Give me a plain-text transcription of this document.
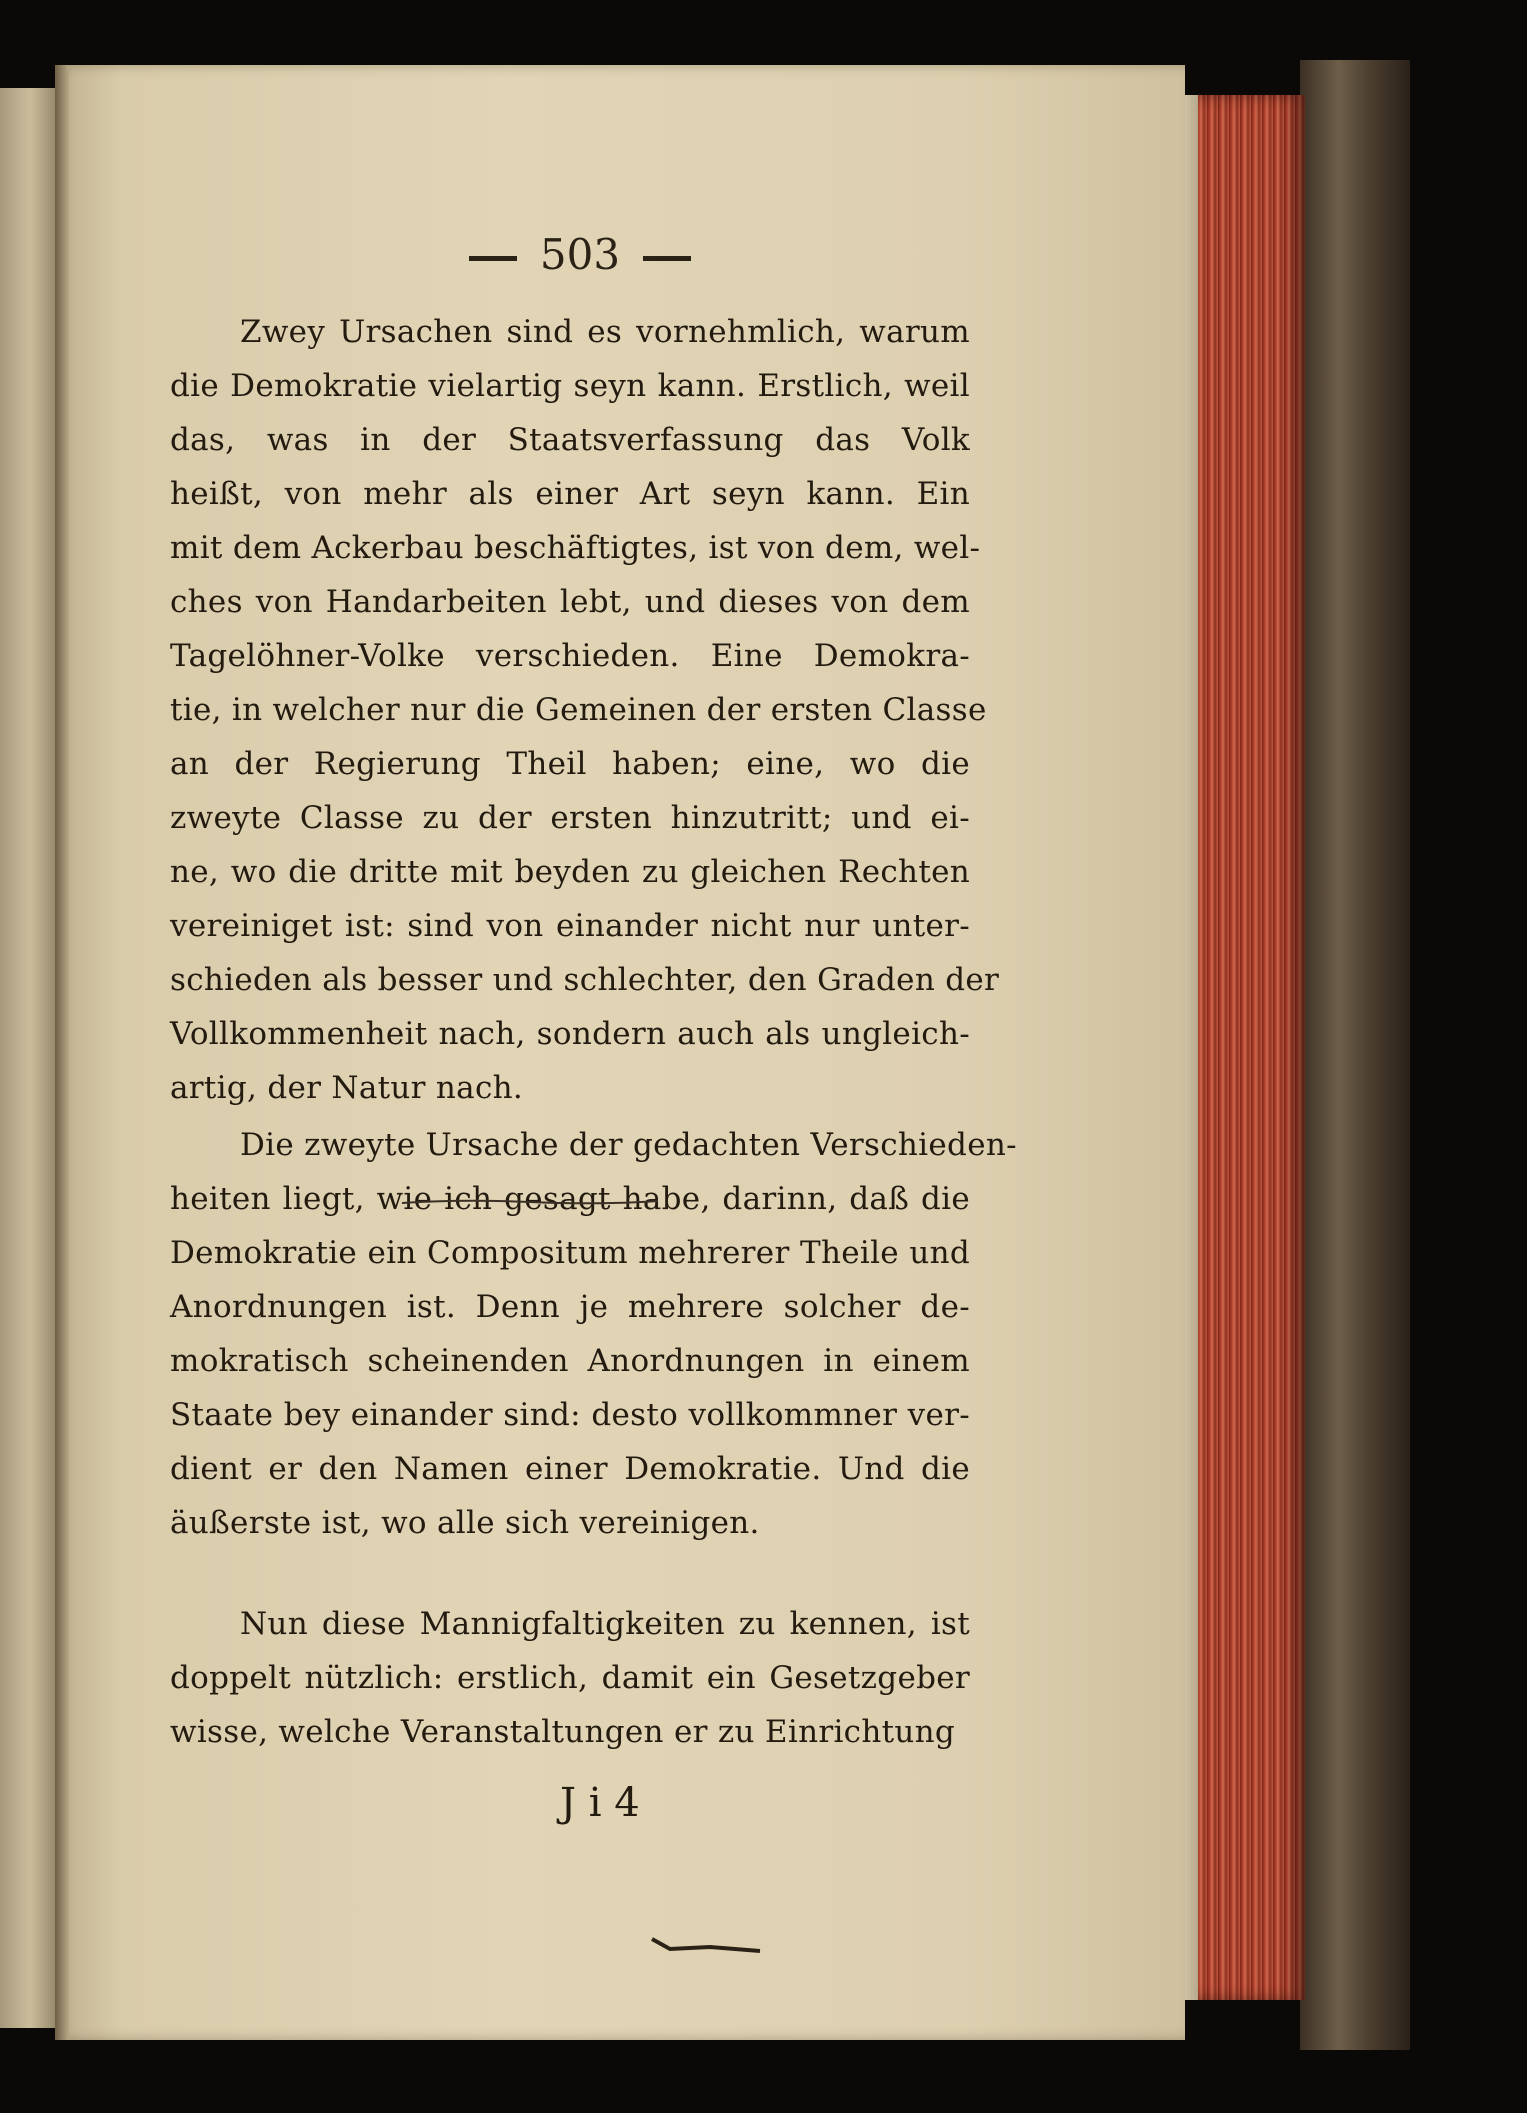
503
Zwey Ursachen sind es vornehmlich, warum
die Demokratie vielartig seyn kann. Erstlich, weil
das, was in der Staatsverfassung das Volk
heißt, von mehr als einer Art seyn kann. Ein
mit dem Ackerbau beschäftigtes, ist von dem, wel-
ches von Handarbeiten lebt, und dieses von dem
Tagelöhner-Volke verschieden. Eine Demokra-
tie, in welcher nur die Gemeinen der ersten Classe
an der Regierung Theil haben; eine, wo die
zweyte Classe zu der ersten hinzutritt; und ei-
ne, wo die dritte mit beyden zu gleichen Rechten
vereiniget ist: sind von einander nicht nur unter-
schieden als besser und schlechter, den Graden der
Vollkommenheit nach, sondern auch als ungleich-
artig, der Natur nach.
Die zweyte Ursache der gedachten Verschieden-
heiten liegt, wie ich gesagt habe, darinn, daß die
Demokratie ein Compositum mehrerer Theile und
Anordnungen ist. Denn je mehrere solcher de-
mokratisch scheinenden Anordnungen in einem
Staate bey einander sind: desto vollkommner ver-
dient er den Namen einer Demokratie. Und die
äußerste ist, wo alle sich vereinigen.
Nun diese Mannigfaltigkeiten zu kennen, ist
doppelt nützlich: erstlich, damit ein Gesetzgeber
wisse, welche Veranstaltungen er zu Einrichtung
J i 4
